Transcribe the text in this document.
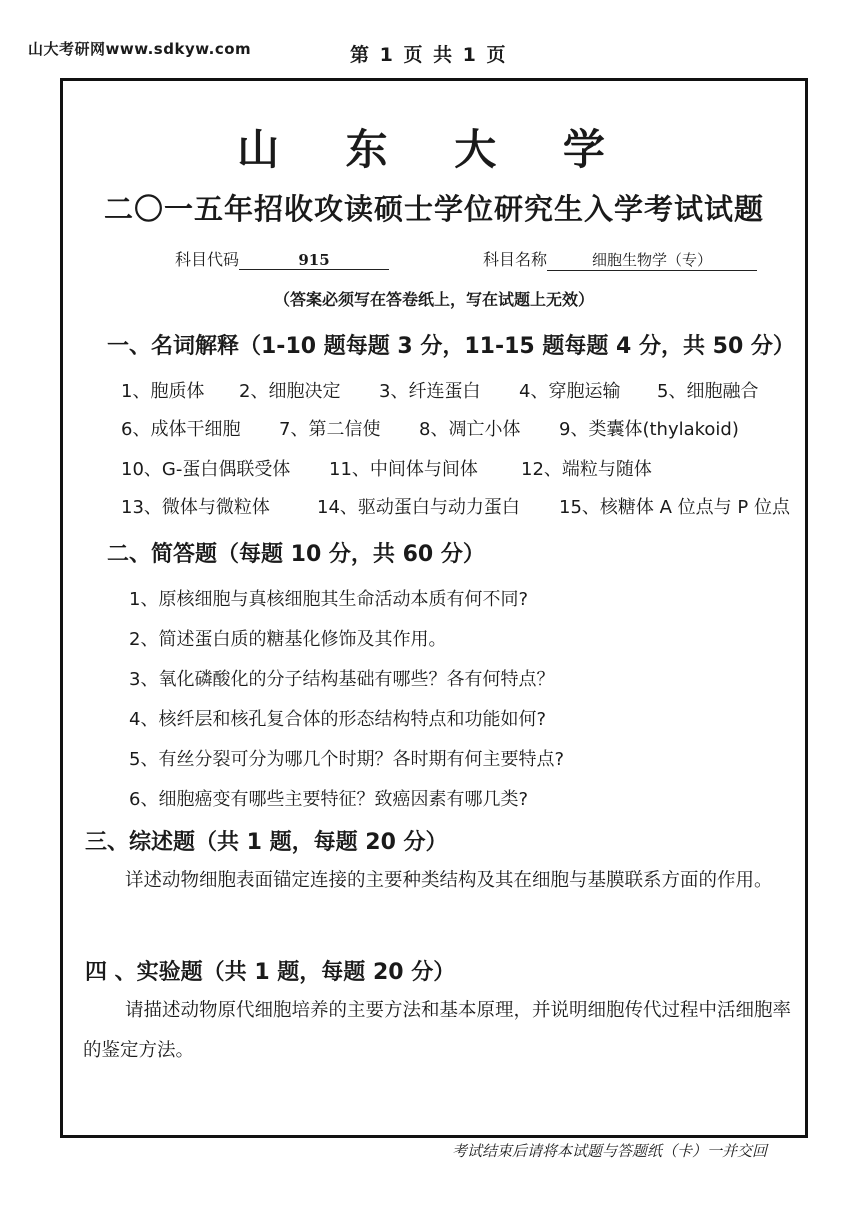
山大考研网www.sdkyw.com	第 1 页 共 1 页
山 东 大 学
二〇一五年招收攻读硕士学位研究生入学考试试题
科目代码	915	科目名称	细胞生物学（专）
（答案必须写在答卷纸上，写在试题上无效）
一、名词解释（1-10 题每题 3 分，11-15 题每题 4 分，共 50 分）
1、胞质体 2、细胞决定 3、纤连蛋白 4、穿胞运输 5、细胞融合
6、成体干细胞 7、第二信使 8、凋亡小体 9、类囊体(thylakoid)
10、G-蛋白偶联受体 11、中间体与间体 12、端粒与随体
13、微体与微粒体	14、驱动蛋白与动力蛋白 15、核糖体 A 位点与 P 位点
二、简答题（每题 10 分，共 60 分）
1、原核细胞与真核细胞其生命活动本质有何不同?
2、简述蛋白质的糖基化修饰及其作用。
3、氧化磷酸化的分子结构基础有哪些？各有何特点？
4、核纤层和核孔复合体的形态结构特点和功能如何?
5、有丝分裂可分为哪几个时期？各时期有何主要特点?
6、细胞癌变有哪些主要特征？致癌因素有哪几类?
三、综述题（共 1 题，每题 20 分）
详述动物细胞表面锚定连接的主要种类结构及其在细胞与基膜联系方面的作用。
四 、实验题（共 1 题，每题 20 分）
请描述动物原代细胞培养的主要方法和基本原理，并说明细胞传代过程中活细胞率的鉴定方法。
考试结束后请将本试题与答题纸（卡）一并交回
